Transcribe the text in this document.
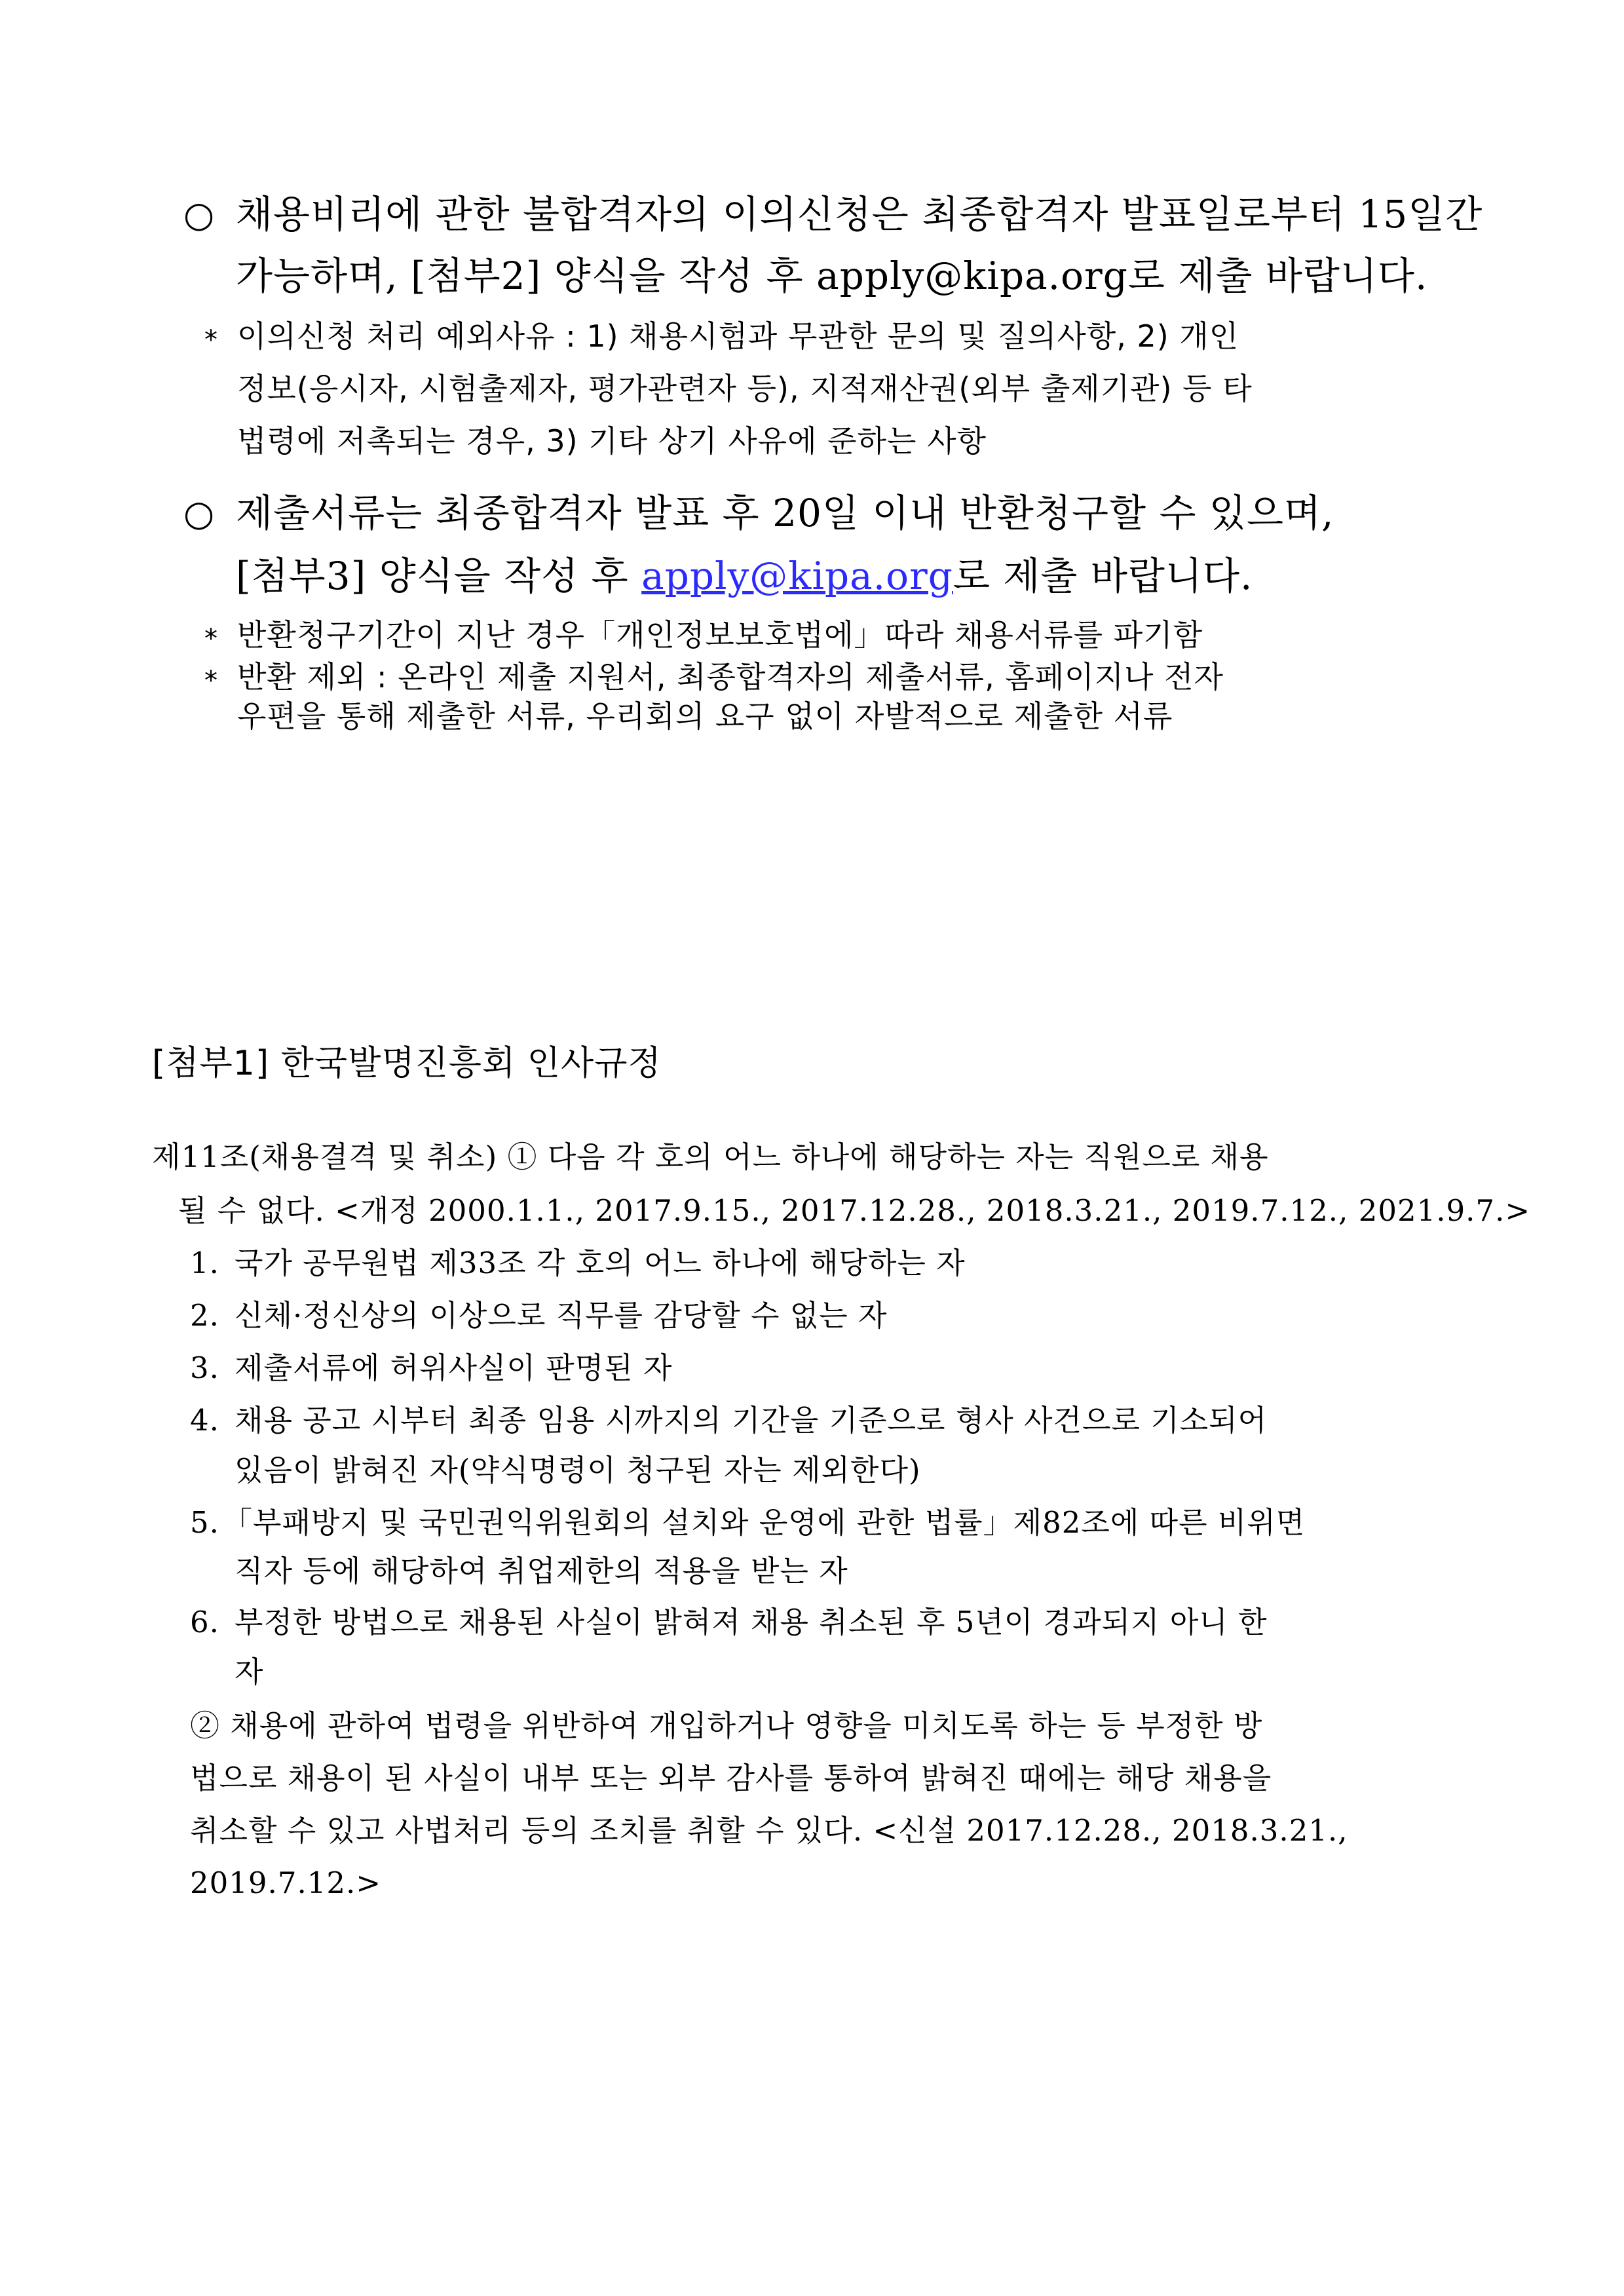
○ 채용비리에 관한 불합격자의 이의신청은 최종합격자 발표일로부터 15일간
가능하며, [첨부2] 양식을 작성 후 apply@kipa.org로 제출 바랍니다.
* 이의신청 처리 예외사유 : 1) 채용시험과 무관한 문의 및 질의사항, 2) 개인
정보(응시자, 시험출제자, 평가관련자 등), 지적재산권(외부 출제기관) 등 타
법령에 저촉되는 경우, 3) 기타 상기 사유에 준하는 사항
○ 제출서류는 최종합격자 발표 후 20일 이내 반환청구할 수 있으며,
[첨부3] 양식을 작성 후 apply@kipa.org로 제출 바랍니다.
* 반환청구기간이 지난 경우「개인정보보호법에」따라 채용서류를 파기함
* 반환 제외 : 온라인 제출 지원서, 최종합격자의 제출서류, 홈페이지나 전자
우편을 통해 제출한 서류, 우리회의 요구 없이 자발적으로 제출한 서류
[첨부1] 한국발명진흥회 인사규정
제11조(채용결격 및 취소) ① 다음 각 호의 어느 하나에 해당하는 자는 직원으로 채용
될 수 없다. <개정 2000.1.1., 2017.9.15., 2017.12.28., 2018.3.21., 2019.7.12., 2021.9.7.>
1. 국가 공무원법 제33조 각 호의 어느 하나에 해당하는 자
2. 신체·정신상의 이상으로 직무를 감당할 수 없는 자
3. 제출서류에 허위사실이 판명된 자
4. 채용 공고 시부터 최종 임용 시까지의 기간을 기준으로 형사 사건으로 기소되어
있음이 밝혀진 자(약식명령이 청구된 자는 제외한다)
5. 「부패방지 및 국민권익위원회의 설치와 운영에 관한 법률」제82조에 따른 비위면
직자 등에 해당하여 취업제한의 적용을 받는 자
6. 부정한 방법으로 채용된 사실이 밝혀져 채용 취소된 후 5년이 경과되지 아니 한
자
② 채용에 관하여 법령을 위반하여 개입하거나 영향을 미치도록 하는 등 부정한 방
법으로 채용이 된 사실이 내부 또는 외부 감사를 통하여 밝혀진 때에는 해당 채용을
취소할 수 있고 사법처리 등의 조치를 취할 수 있다. <신설 2017.12.28., 2018.3.21.,
2019.7.12.>
